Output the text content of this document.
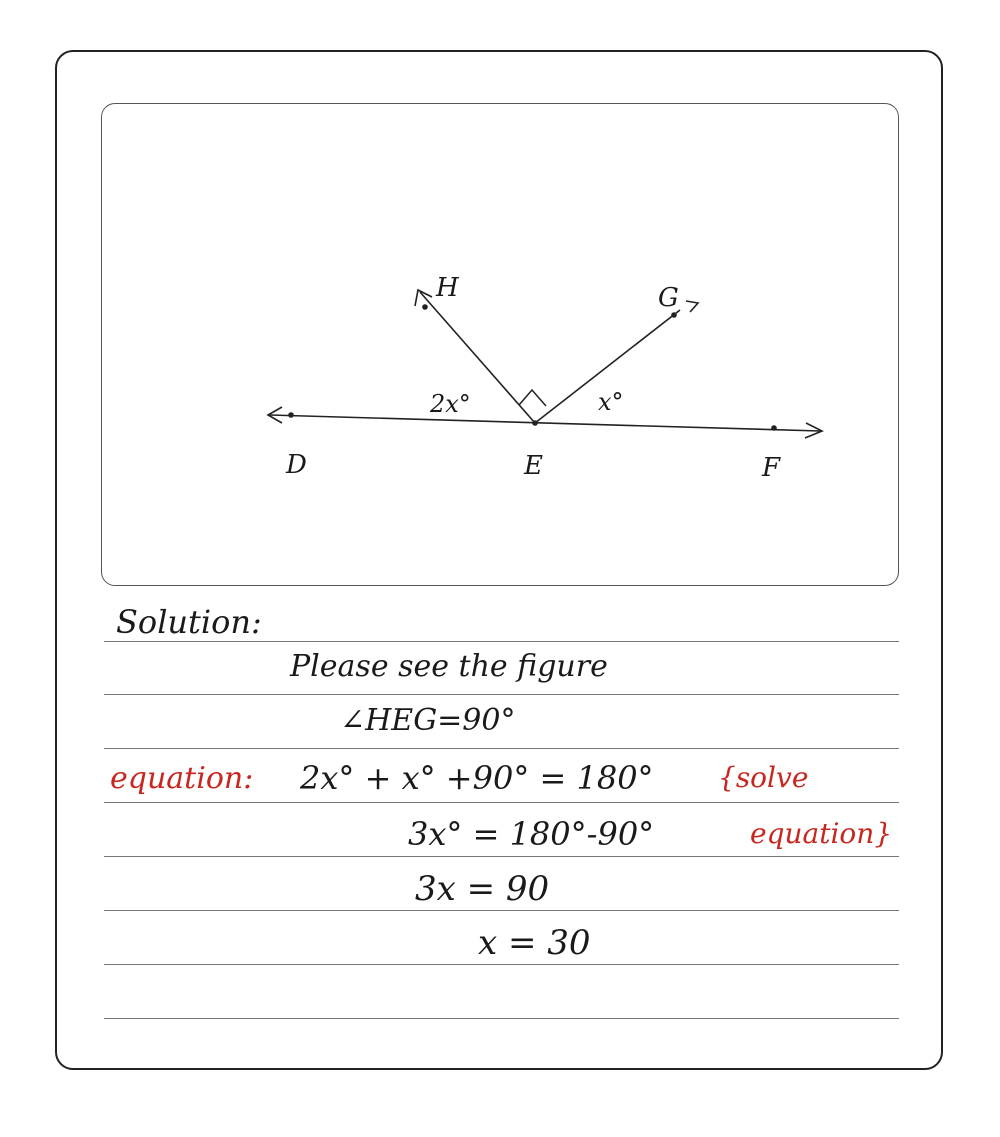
H	G
D	E	F
2x°	x°
Solution:
Please see the figure
∠HEG=90°
equation: 2x° + x° +90° = 180° {solve
3x° = 180°-90°	equation}
3x = 90
x = 30
